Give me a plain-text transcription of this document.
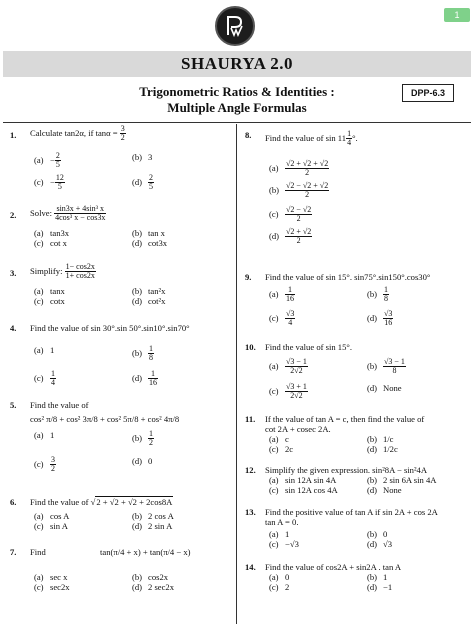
1
SHAURYA 2.0
Trigonometric Ratios & Identities :
Multiple Angle Formulas
DPP-6.3
1. Calculate tan2α, if $\tan\alpha = \frac{3}{2}$
$(a) - \frac{2}{5}$	(b) 3
$(c) - \frac{12}{5}$	$(d) \frac{2}{5}$
2. Solve: $\frac{\text{sin3x + 4sin³ x}}{\text{4cos³ x − cos3x}}$
(a) tan3x	(b) tan x
(c) cot x	(d) cot3x
3. Simplify: $\frac{1- \cos 2x}{1+ \cos 2x}$
(a) tanx	(b) tan²x
(c) cotx	(d) cot²x
4. Find the value of sin 30°.sin 50°.sin10°.sin70°
(a) 1	$(b) \frac{1}{8}$
$(c) \frac{1}{4}$	$(d) \frac{1}{16}$
5. Find the value of
cos² π/8 + cos² 3π/8 + cos² 5π/8 + cos² 4π/8
(a) 1	$(b) \frac{1}{2}$
$(c) \frac{3}{2}$	(d) 0
6. Find the value of √2 + √2 + √2 + 2cos8A
(a) cos A	(b) 2 cos A
(c) sin A	(d) 2 sin A
7. Find	tan(π/4 + x) + tan(π/4 − x)
(a) sec x	(b) cos2x
(c) sec2x	(d) 2 sec2x
8. Find the value of $\sin 11 \frac{1}{4}$ °.
$(a) \frac{√2 + √2 + √2}{2}$
$(b) \frac{√2 - √2 + √2}{2}$
$(c) \frac{√2 - √2}{2}$
$(d) \frac{√2 + √2}{2}$
9. Find the value of sin 15°. sin75°.sin150°.cos30°
$(a) \frac{1}{16}$	$(b) \frac{1}{8}$
$(c) \frac{√3}{4}$	$(d) \frac{√3}{16}$
10. Find the value of sin 15°.
$(a) \frac{√3 - 1}{2√2}$	$(b) \frac{√3 - 1}{8}$
$(c) \frac{√3 + 1}{2√2}$	(d) None
11. If the value of tan A = c, then find the value of
cot 2A + cosec 2A.
(a) c	(b) 1/c
(c) 2c	(d) 1/2c
12. Simplify the given expression. sin²8A − sin²4A
(a) sin 12A sin 4A	(b) 2 sin 6A sin 4A
(c) sin 12A cos 4A	(d) None
13. Find the positive value of tan A if sin 2A + cos 2A
tan A = 0.
(a) 1	(b) 0
(c) −√3	(d) √3
14. Find the value of cos2A + sin2A . tan A
(a) 0	(b) 1
(c) 2	(d) −1
